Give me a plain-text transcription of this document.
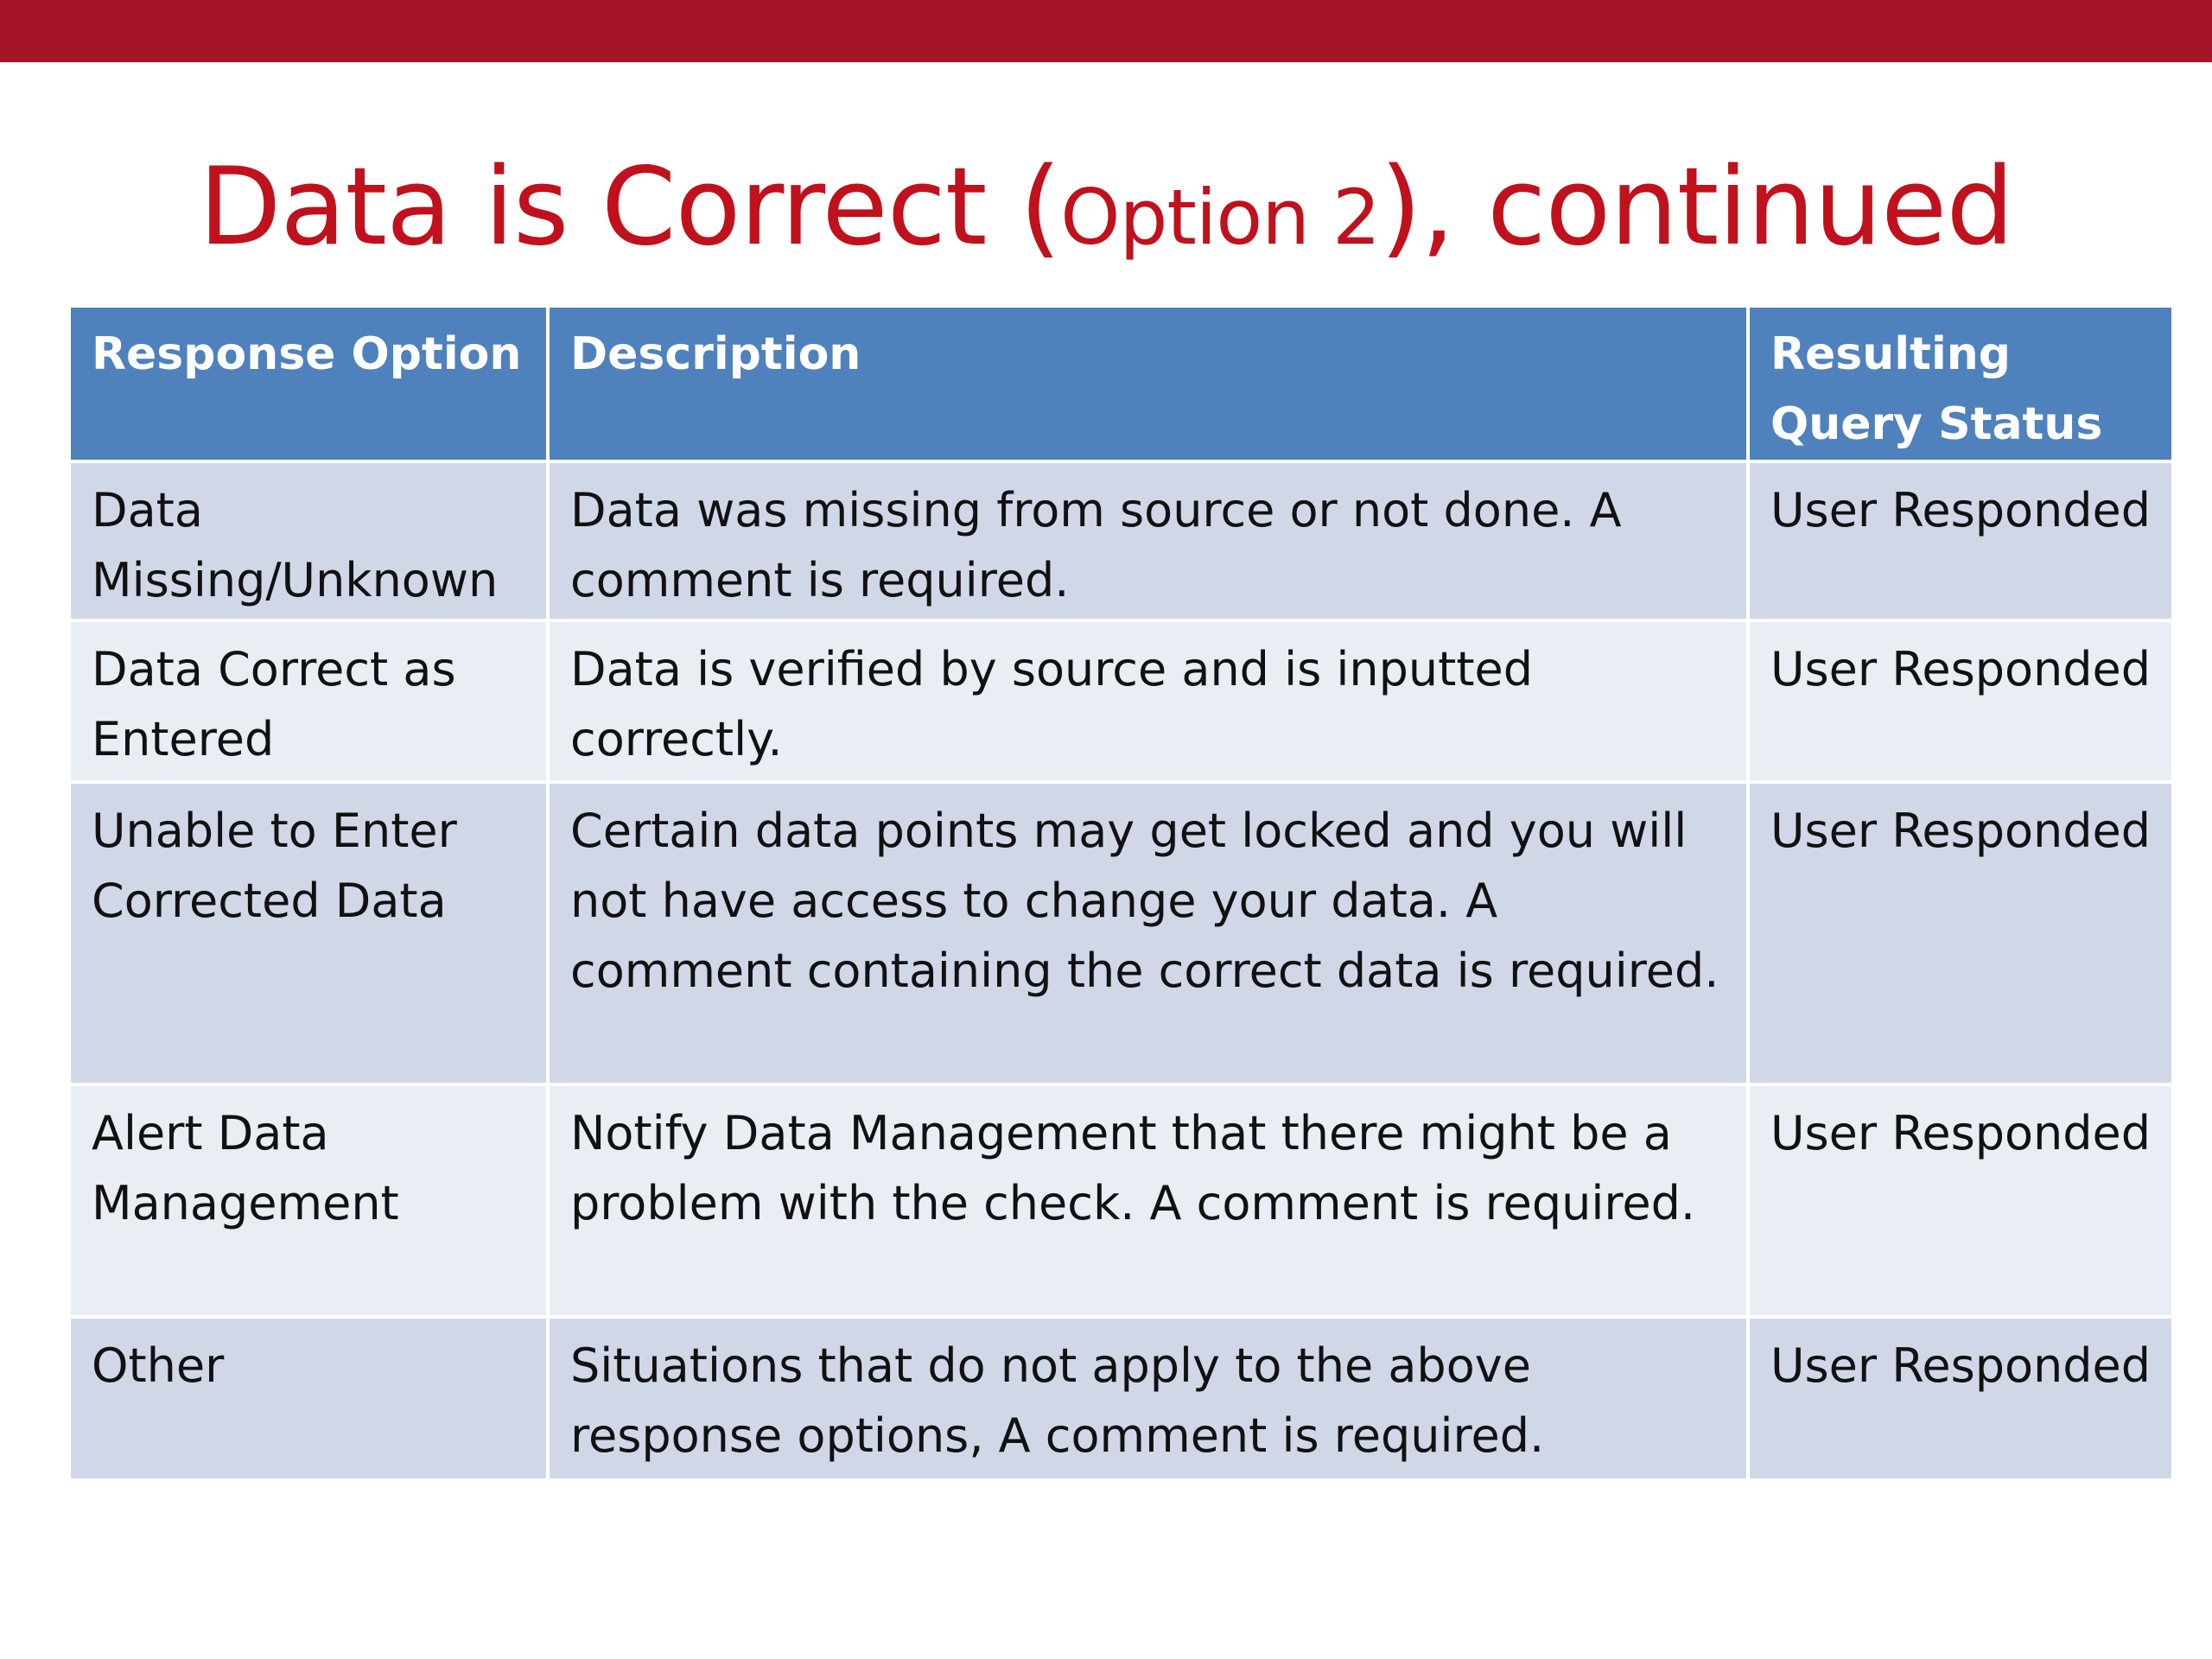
Data is Correct (Option 2), continued
Response Option	Description	Resulting Query Status
Data Missing/Unknown	Data was missing from source or not done. A comment is required.	User Responded
Data Correct as Entered	Data is verified by source and is inputted correctly.	User Responded
Unable to Enter Corrected Data	Certain data points may get locked and you will not have access to change your data. A comment containing the correct data is required.	User Responded
Alert Data Management	Notify Data Management that there might be a problem with the check. A comment is required.	User Responded
Other	Situations that do not apply to the above response options, A comment is required.	User Responded
